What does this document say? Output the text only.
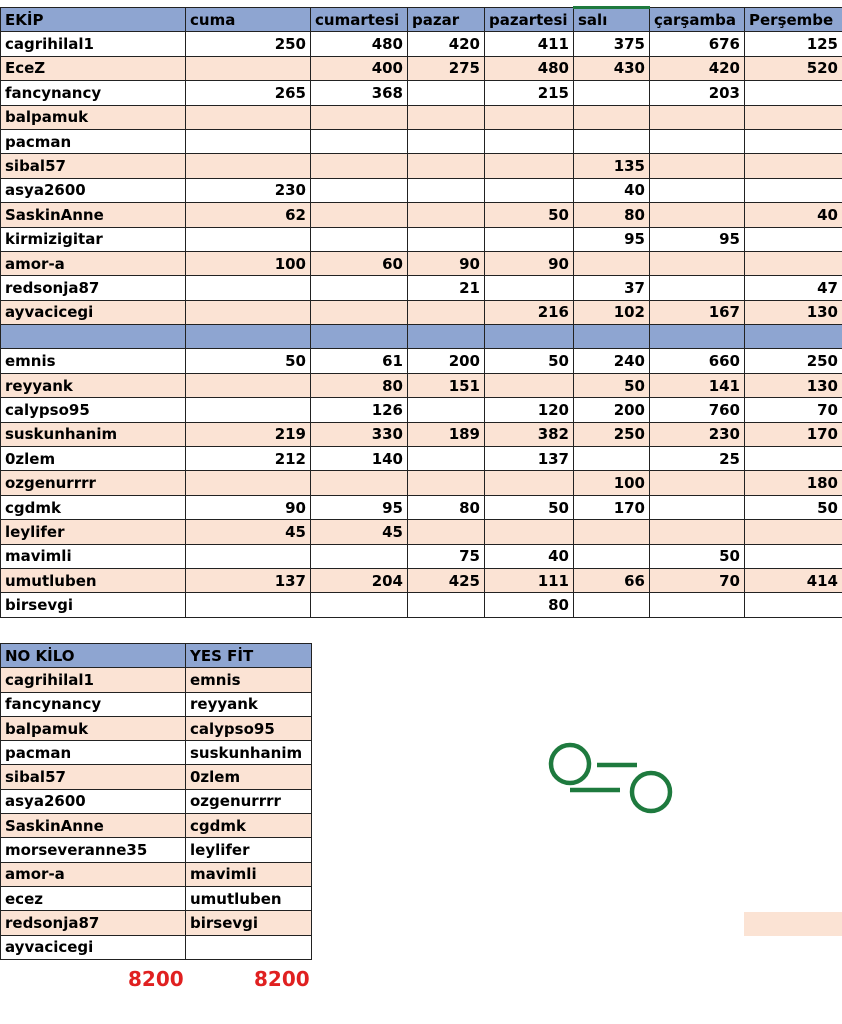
EKİP	cuma	cumartesi	pazar	pazartesi	salı	çarşamba	Perşembe
cagrihilal1	250	480	420	411	375	676	125
EceZ		400	275	480	430	420	520
fancynancy	265	368		215		203	
balpamuk							
pacman							
sibal57					135		
asya2600	230				40		
SaskinAnne	62			50	80		40
kirmizigitar					95	95	
amor-a	100	60	90	90			
redsonja87			21		37		47
ayvacicegi				216	102	167	130

emnis	50	61	200	50	240	660	250
reyyank		80	151		50	141	130
calypso95		126		120	200	760	70
suskunhanim	219	330	189	382	250	230	170
0zlem	212	140		137		25	
ozgenurrrr					100		180
cgdmk	90	95	80	50	170		50
leylifer	45	45					
mavimli			75	40		50	
umutluben	137	204	425	111	66	70	414
birsevgi				80			
NO KİLO	YES FİT
cagrihilal1	emnis
fancynancy	reyyank
balpamuk	calypso95
pacman	suskunhanim
sibal57	0zlem
asya2600	ozgenurrrr
SaskinAnne	cgdmk
morseveranne35	leylifer
amor-a	mavimli
ecez	umutluben
redsonja87	birsevgi
ayvacicegi	
8200	8200
